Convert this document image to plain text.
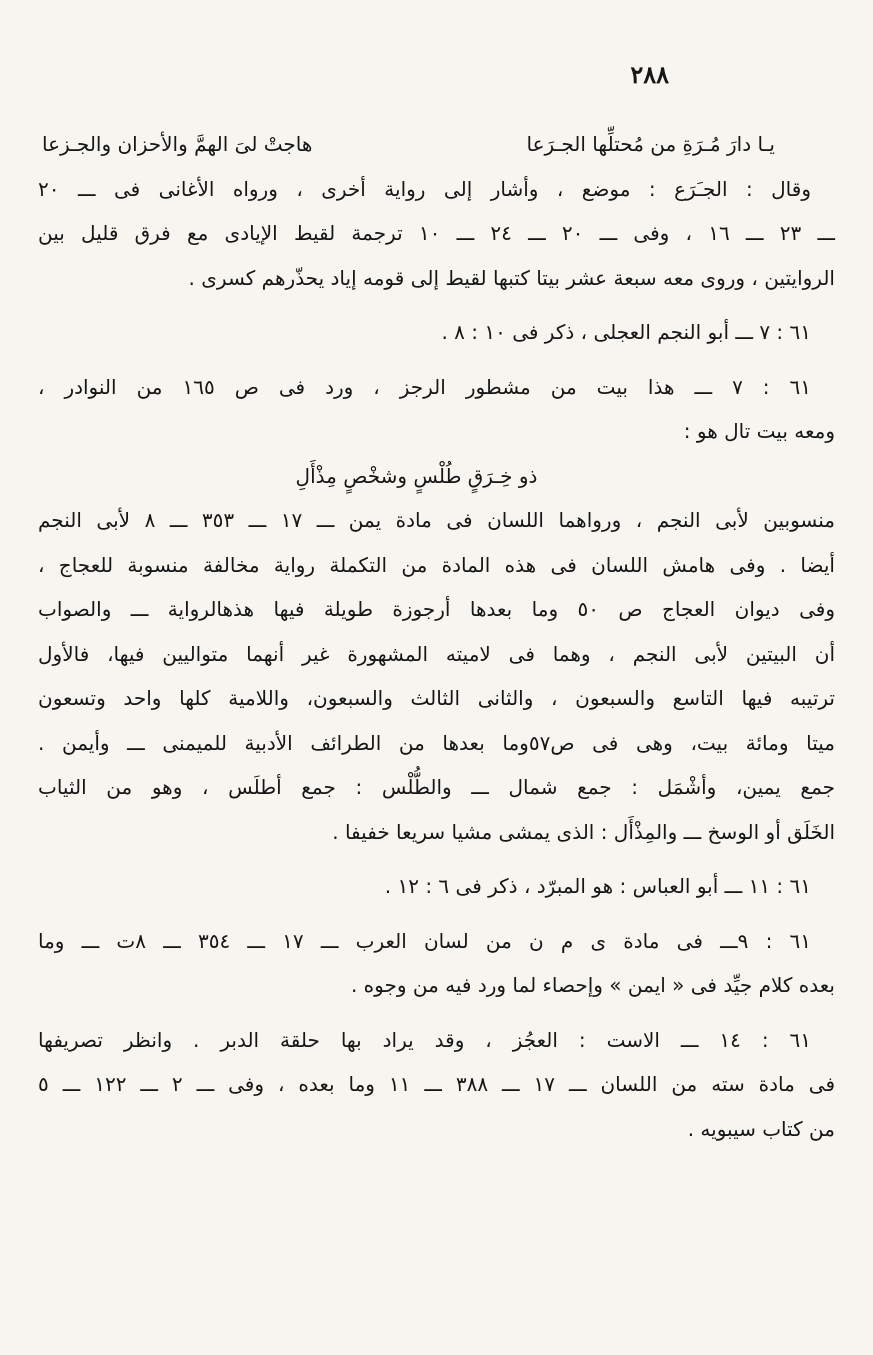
٢٨٨
يـا دارَ مُـرَةِ من مُحتلِّها الجـرَعا
هاجتْ لىَ الهمَّ والأحزان والجـزعا
وقال : الجـَرَع : موضع ، وأشار إلى رواية أخرى ، ورواه الأغانى فى ـــ ٢٠
ـــ ٢٣ ـــ ١٦ ، وفى ـــ ٢٠ ـــ ٢٤ ـــ ١٠ ترجمة لقيط الإيادى مع فرق قليل بين
الروايتين ، وروى معه سبعة عشر بيتا كتبها لقيط إلى قومه إياد يحذّرهم كسرى .
٦١ : ٧ ـــ أبو النجم العجلى ، ذكر فى ١٠ : ٨ .
٦١ : ٧ ـــ هذا بيت من مشطور الرجز ، ورد فى ص ١٦٥ من النوادر ،
ومعه بيت تال هو :
ذو خِـرَقٍ طُلْسٍ وشخْصٍ مِذْأَلِ
منسوبين لأبى النجم ، ورواهما اللسان فى مادة يمن ـــ ١٧ ـــ ٣٥٣ ـــ ٨ لأبى النجم
أيضا . وفى هامش اللسان فى هذه المادة من التكملة رواية مخالفة منسوبة للعجاج ،
وفى ديوان العجاج ص ٥٠ وما بعدها أرجوزة طويلة فيها هذهالرواية ـــ والصواب
أن البيتين لأبى النجم ، وهما فى لاميته المشهورة غير أنهما متواليين فيها، فالأول
ترتيبه فيها التاسع والسبعون ، والثانى الثالث والسبعون، واللامية كلها واحد وتسعون
ميتا ومائة بيت، وهى فى ص٥٧وما بعدها من الطرائف الأدبية للميمنى ـــ وأيمن .
جمع يمين، وأشْمَل : جمع شمال ـــ والطُّلْس : جمع أطلَس ، وهو من الثياب
الخَلَق أو الوسخ ـــ والمِذْأَل : الذى يمشى مشيا سريعا خفيفا .
٦١ : ١١ ـــ أبو العباس : هو المبرّد ، ذكر فى ٦ : ١٢ .
٦١ : ٩ـــ فى مادة ى م ن من لسان العرب ـــ ١٧ ـــ ٣٥٤ ـــ ٨ت ـــ وما
بعده كلام جيِّد فى « ايمن » وإحصاء لما ورد فيه من وجوه .
٦١ : ١٤ ـــ الاست : العجُز ، وقد يراد بها حلقة الدبر . وانظر تصريفها
فى مادة سته من اللسان ـــ ١٧ ـــ ٣٨٨ ـــ ١١ وما بعده ، وفى ـــ ٢ ـــ ١٢٢ ـــ ٥
من كتاب سيبويه .
